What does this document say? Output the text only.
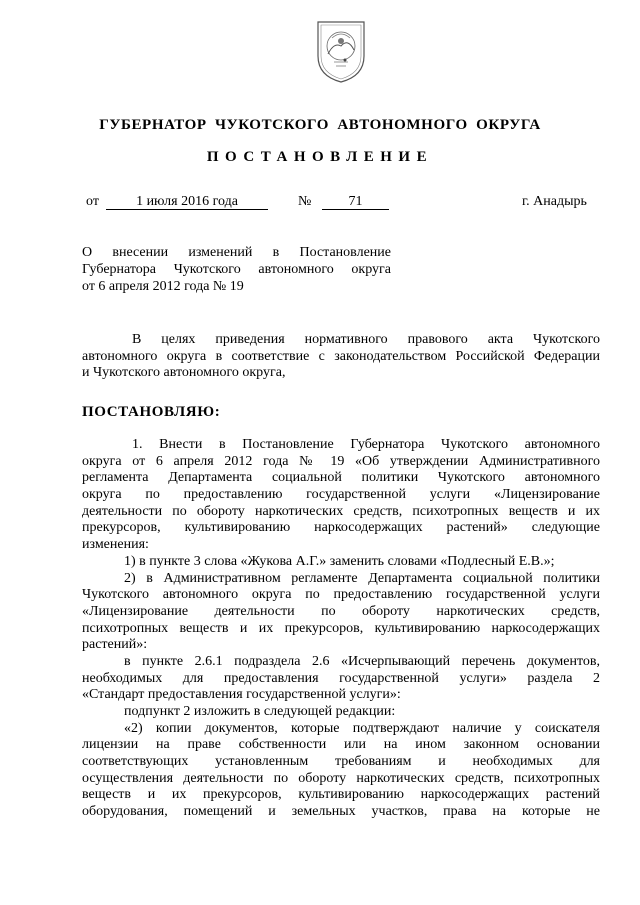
ГУБЕРНАТОР ЧУКОТСКОГО АВТОНОМНОГО ОКРУГА
ПОСТАНОВЛЕНИЕ
от	1 июля 2016 года	№	71	г. Анадырь
О внесении изменений в Постановление
Губернатора Чукотского автономного округа
от 6 апреля 2012 года № 19
В целях приведения нормативного правового акта Чукотского
автономного округа в соответствие с законодательством Российской Федерации
и Чукотского автономного округа,
ПОСТАНОВЛЯЮ:
1. Внести в Постановление Губернатора Чукотского автономного
округа от 6 апреля 2012 года № 19 «Об утверждении Административного
регламента Департамента социальной политики Чукотского автономного
округа по предоставлению государственной услуги «Лицензирование
деятельности по обороту наркотических средств, психотропных веществ и их
прекурсоров, культивированию наркосодержащих растений» следующие
изменения:
1) в пункте 3 слова «Жукова А.Г.» заменить словами «Подлесный Е.В.»;
2) в Административном регламенте Департамента социальной политики
Чукотского автономного округа по предоставлению государственной услуги
«Лицензирование деятельности по обороту наркотических средств,
психотропных веществ и их прекурсоров, культивированию наркосодержащих
растений»:
в пункте 2.6.1 подраздела 2.6 «Исчерпывающий перечень документов,
необходимых для предоставления государственной услуги» раздела 2
«Стандарт предоставления государственной услуги»:
подпункт 2 изложить в следующей редакции:
«2) копии документов, которые подтверждают наличие у соискателя
лицензии на праве собственности или на ином законном основании
соответствующих установленным требованиям и необходимых для
осуществления деятельности по обороту наркотических средств, психотропных
веществ и их прекурсоров, культивированию наркосодержащих растений
оборудования, помещений и земельных участков, права на которые не
